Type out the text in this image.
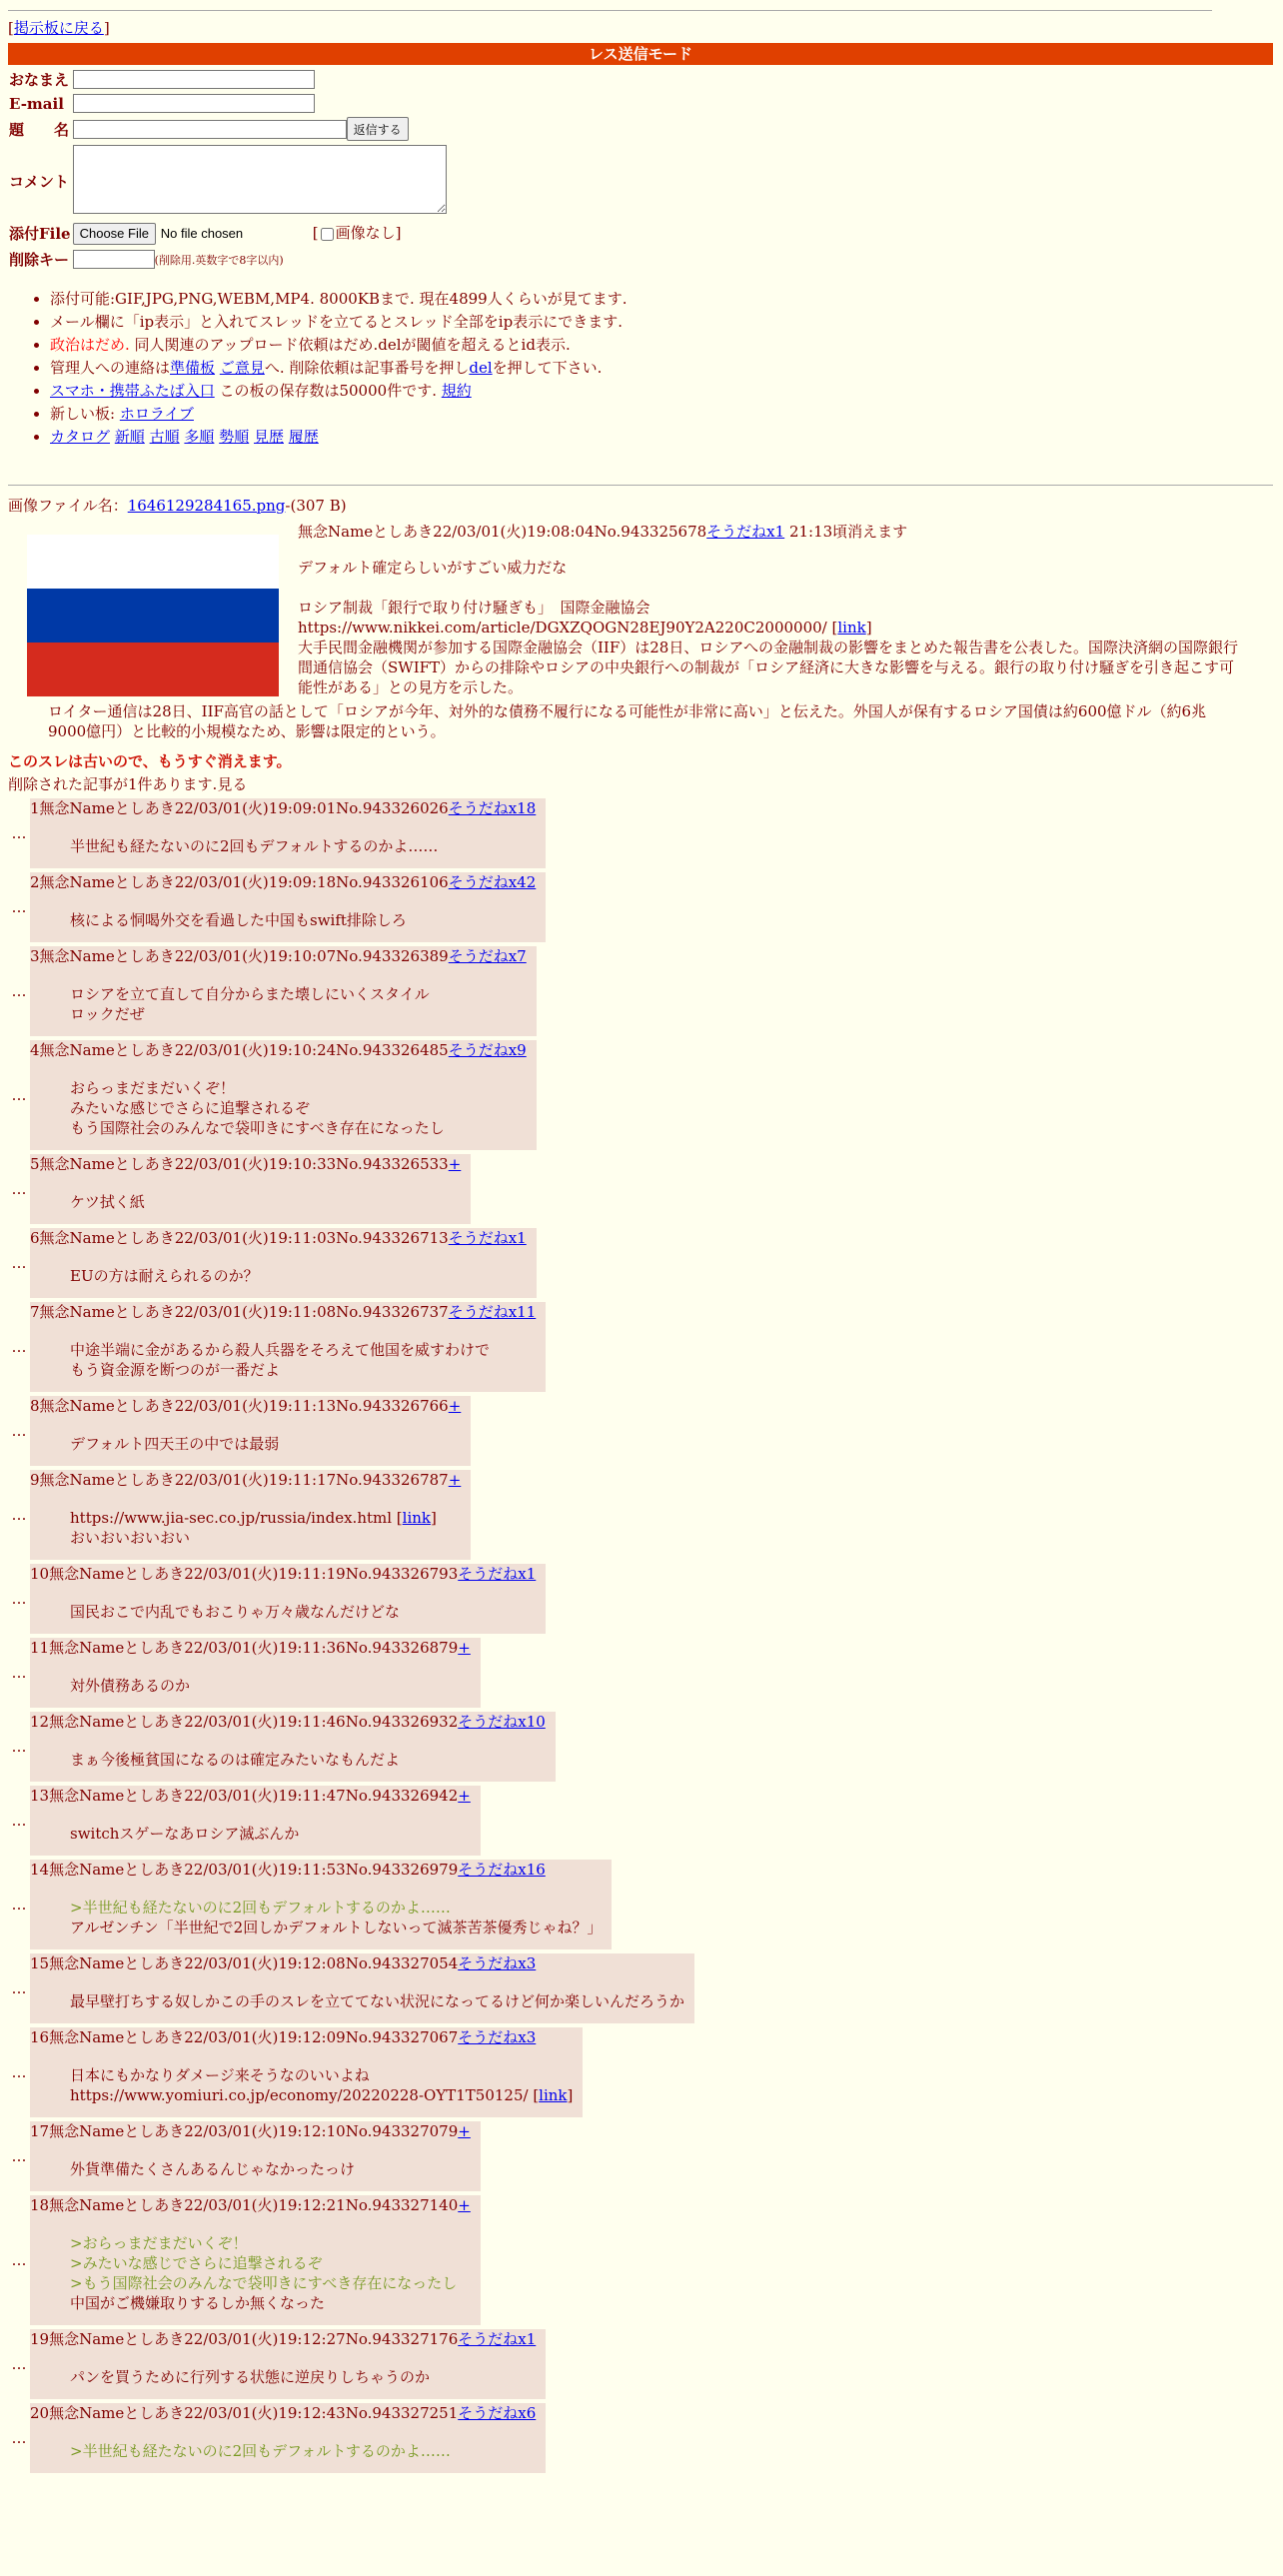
[掲示板に戻る]
レス送信モード
おなまえ	
E-mail	
題　　名	返信する
コメント	
添付File	Choose File No file chosen [ 画像なし]
削除キー	(削除用.英数字で8字以内)
• 添付可能:GIF,JPG,PNG,WEBM,MP4. 8000KBまで. 現在4899人くらいが見てます.
• メール欄に「ip表示」と入れてスレッドを立てるとスレッド全部をip表示にできます.
• 政治はだめ. 同人関連のアップロード依頼はだめ.delが閾値を超えるとid表示.
• 管理人への連絡は準備板 ご意見へ. 削除依頼は記事番号を押しdelを押して下さい.
• スマホ・携帯ふたば入口 この板の保存数は50000件です. 規約
• 新しい板: ホロライブ
• カタログ 新順 古順 多順 勢順 見歴 履歴
画像ファイル名：1646129284165.png-(307 B)
無念Nameとしあき22/03/01(火)19:08:04No.943325678そうだねx1 21:13頃消えます
デフォルト確定らしいがすごい威力だな
ロシア制裁「銀行で取り付け騒ぎも」　国際金融協会
https://www.nikkei.com/article/DGXZQOGN28EJ90Y2A220C2000000/ [link]
大手民間金融機関が参加する国際金融協会（IIF）は28日、ロシアへの金融制裁の影響をまとめた報告書を公表した。国際決済網の国際銀行間通信協会（SWIFT）からの排除やロシアの中央銀行への制裁が「ロシア経済に大きな影響を与える。銀行の取り付け騒ぎを引き起こす可能性がある」との見方を示した。
ロイター通信は28日、IIF高官の話として「ロシアが今年、対外的な債務不履行になる可能性が非常に高い」と伝えた。外国人が保有するロシア国債は約600億ドル（約6兆9000億円）と比較的小規模なため、影響は限定的という。
このスレは古いので、もうすぐ消えます。
削除された記事が1件あります.見る
…
1無念Nameとしあき22/03/01(火)19:09:01No.943326026そうだねx18
半世紀も経たないのに2回もデフォルトするのかよ……
…
2無念Nameとしあき22/03/01(火)19:09:18No.943326106そうだねx42
核による恫喝外交を看過した中国もswift排除しろ
…
3無念Nameとしあき22/03/01(火)19:10:07No.943326389そうだねx7
ロシアを立て直して自分からまた壊しにいくスタイル
ロックだぜ
…
4無念Nameとしあき22/03/01(火)19:10:24No.943326485そうだねx9
おらっまだまだいくぞ！
みたいな感じでさらに追撃されるぞ
もう国際社会のみんなで袋叩きにすべき存在になったし
…
5無念Nameとしあき22/03/01(火)19:10:33No.943326533+
ケツ拭く紙
…
6無念Nameとしあき22/03/01(火)19:11:03No.943326713そうだねx1
EUの方は耐えられるのか？
…
7無念Nameとしあき22/03/01(火)19:11:08No.943326737そうだねx11
中途半端に金があるから殺人兵器をそろえて他国を威すわけで
もう資金源を断つのが一番だよ
…
8無念Nameとしあき22/03/01(火)19:11:13No.943326766+
デフォルト四天王の中では最弱
…
9無念Nameとしあき22/03/01(火)19:11:17No.943326787+
https://www.jia-sec.co.jp/russia/index.html [link]
おいおいおいおい
…
10無念Nameとしあき22/03/01(火)19:11:19No.943326793そうだねx1
国民おこで内乱でもおこりゃ万々歳なんだけどな
…
11無念Nameとしあき22/03/01(火)19:11:36No.943326879+
対外債務あるのか
…
12無念Nameとしあき22/03/01(火)19:11:46No.943326932そうだねx10
まぁ今後極貧国になるのは確定みたいなもんだよ
…
13無念Nameとしあき22/03/01(火)19:11:47No.943326942+
switchスゲーなあロシア滅ぶんか
…
14無念Nameとしあき22/03/01(火)19:11:53No.943326979そうだねx16
>半世紀も経たないのに2回もデフォルトするのかよ……
アルゼンチン「半世紀で2回しかデフォルトしないって滅茶苦茶優秀じゃね？」
…
15無念Nameとしあき22/03/01(火)19:12:08No.943327054そうだねx3
最早壁打ちする奴しかこの手のスレを立ててない状況になってるけど何か楽しいんだろうか
…
16無念Nameとしあき22/03/01(火)19:12:09No.943327067そうだねx3
日本にもかなりダメージ来そうなのいいよね
https://www.yomiuri.co.jp/economy/20220228-OYT1T50125/ [link]
…
17無念Nameとしあき22/03/01(火)19:12:10No.943327079+
外貨準備たくさんあるんじゃなかったっけ
…
18無念Nameとしあき22/03/01(火)19:12:21No.943327140+
>おらっまだまだいくぞ！
>みたいな感じでさらに追撃されるぞ
>もう国際社会のみんなで袋叩きにすべき存在になったし
中国がご機嫌取りするしか無くなった
…
19無念Nameとしあき22/03/01(火)19:12:27No.943327176そうだねx1
パンを買うために行列する状態に逆戻りしちゃうのか
…
20無念Nameとしあき22/03/01(火)19:12:43No.943327251そうだねx6
>半世紀も経たないのに2回もデフォルトするのかよ……
